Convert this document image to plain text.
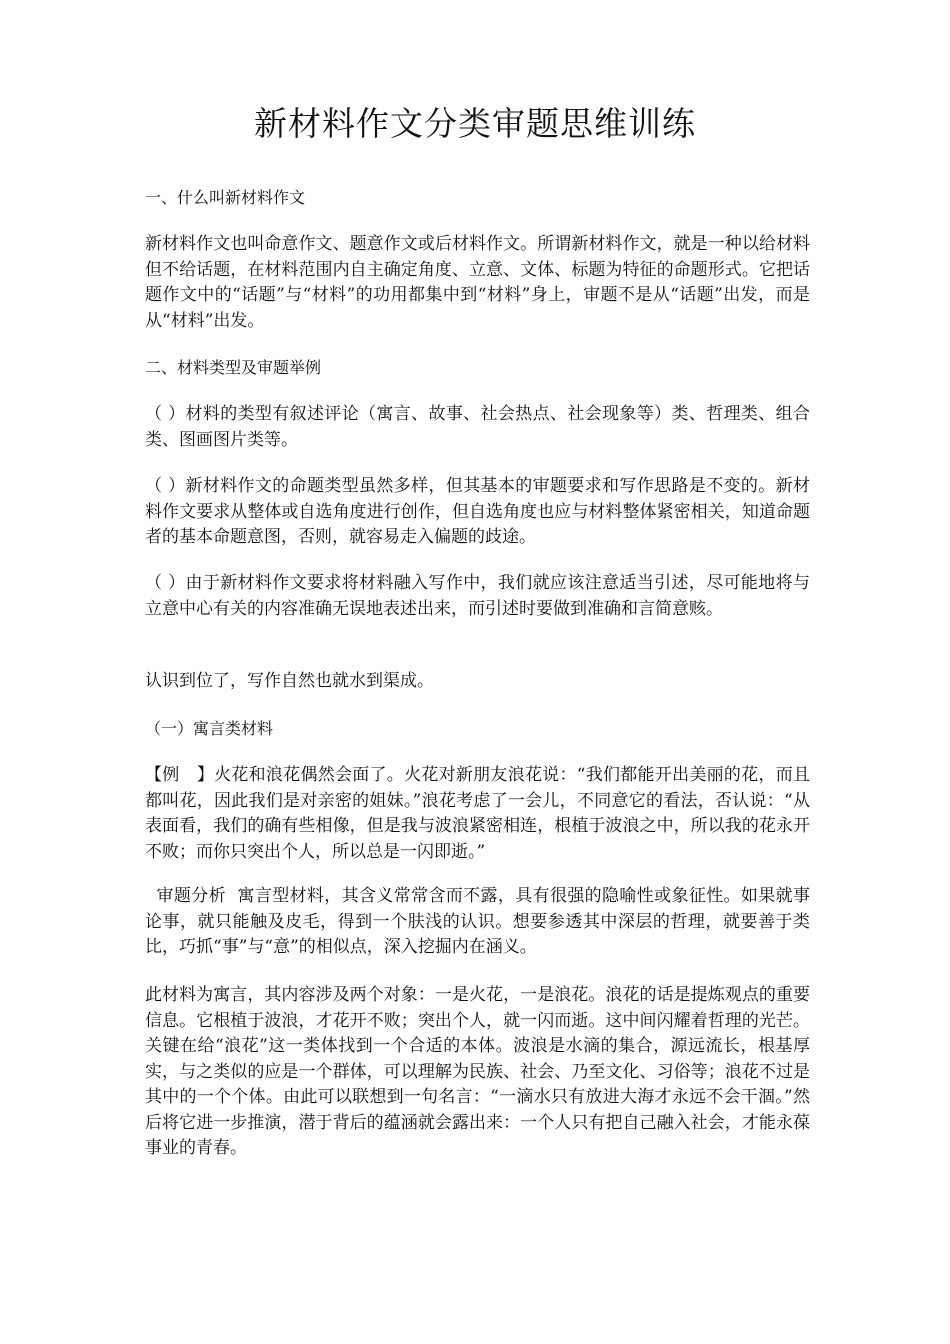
新材料作文分类审题思维训练
一、什么叫新材料作文
新材料作文也叫命意作文、题意作文或后材料作文。所谓新材料作文，就是一种以给材料但不给话题，在材料范围内自主确定角度、立意、文体、标题为特征的命题形式。它把话题作文中的“话题”与“材料”的功用都集中到“材料”身上，审题不是从“话题”出发，而是从“材料”出发。
二、材料类型及审题举例
（ ）材料的类型有叙述评论（寓言、故事、社会热点、社会现象等）类、哲理类、组合类、图画图片类等。
（ ）新材料作文的命题类型虽然多样，但其基本的审题要求和写作思路是不变的。新材料作文要求从整体或自选角度进行创作，但自选角度也应与材料整体紧密相关，知道命题者的基本命题意图，否则，就容易走入偏题的歧途。
（ ）由于新材料作文要求将材料融入写作中，我们就应该注意适当引述，尽可能地将与立意中心有关的内容准确无误地表述出来，而引述时要做到准确和言简意赅。
认识到位了，写作自然也就水到渠成。
（一）寓言类材料
【例　】火花和浪花偶然会面了。火花对新朋友浪花说：“我们都能开出美丽的花，而且都叫花，因此我们是对亲密的姐妹。”浪花考虑了一会儿，不同意它的看法，否认说：“从表面看，我们的确有些相像，但是我与波浪紧密相连，根植于波浪之中，所以我的花永开不败；而你只突出个人，所以总是一闪即逝。”
审题分析  寓言型材料，其含义常常含而不露，具有很强的隐喻性或象征性。如果就事论事，就只能触及皮毛，得到一个肤浅的认识。想要参透其中深层的哲理，就要善于类比，巧抓“事”与“意”的相似点，深入挖掘内在涵义。
此材料为寓言，其内容涉及两个对象：一是火花，一是浪花。浪花的话是提炼观点的重要信息。它根植于波浪，才花开不败；突出个人，就一闪而逝。这中间闪耀着哲理的光芒。关键在给“浪花”这一类体找到一个合适的本体。波浪是水滴的集合，源远流长，根基厚实，与之类似的应是一个群体，可以理解为民族、社会、乃至文化、习俗等；浪花不过是其中的一个个体。由此可以联想到一句名言：“一滴水只有放进大海才永远不会干涸。”然后将它进一步推演，潜于背后的蕴涵就会露出来：一个人只有把自己融入社会，才能永葆事业的青春。
